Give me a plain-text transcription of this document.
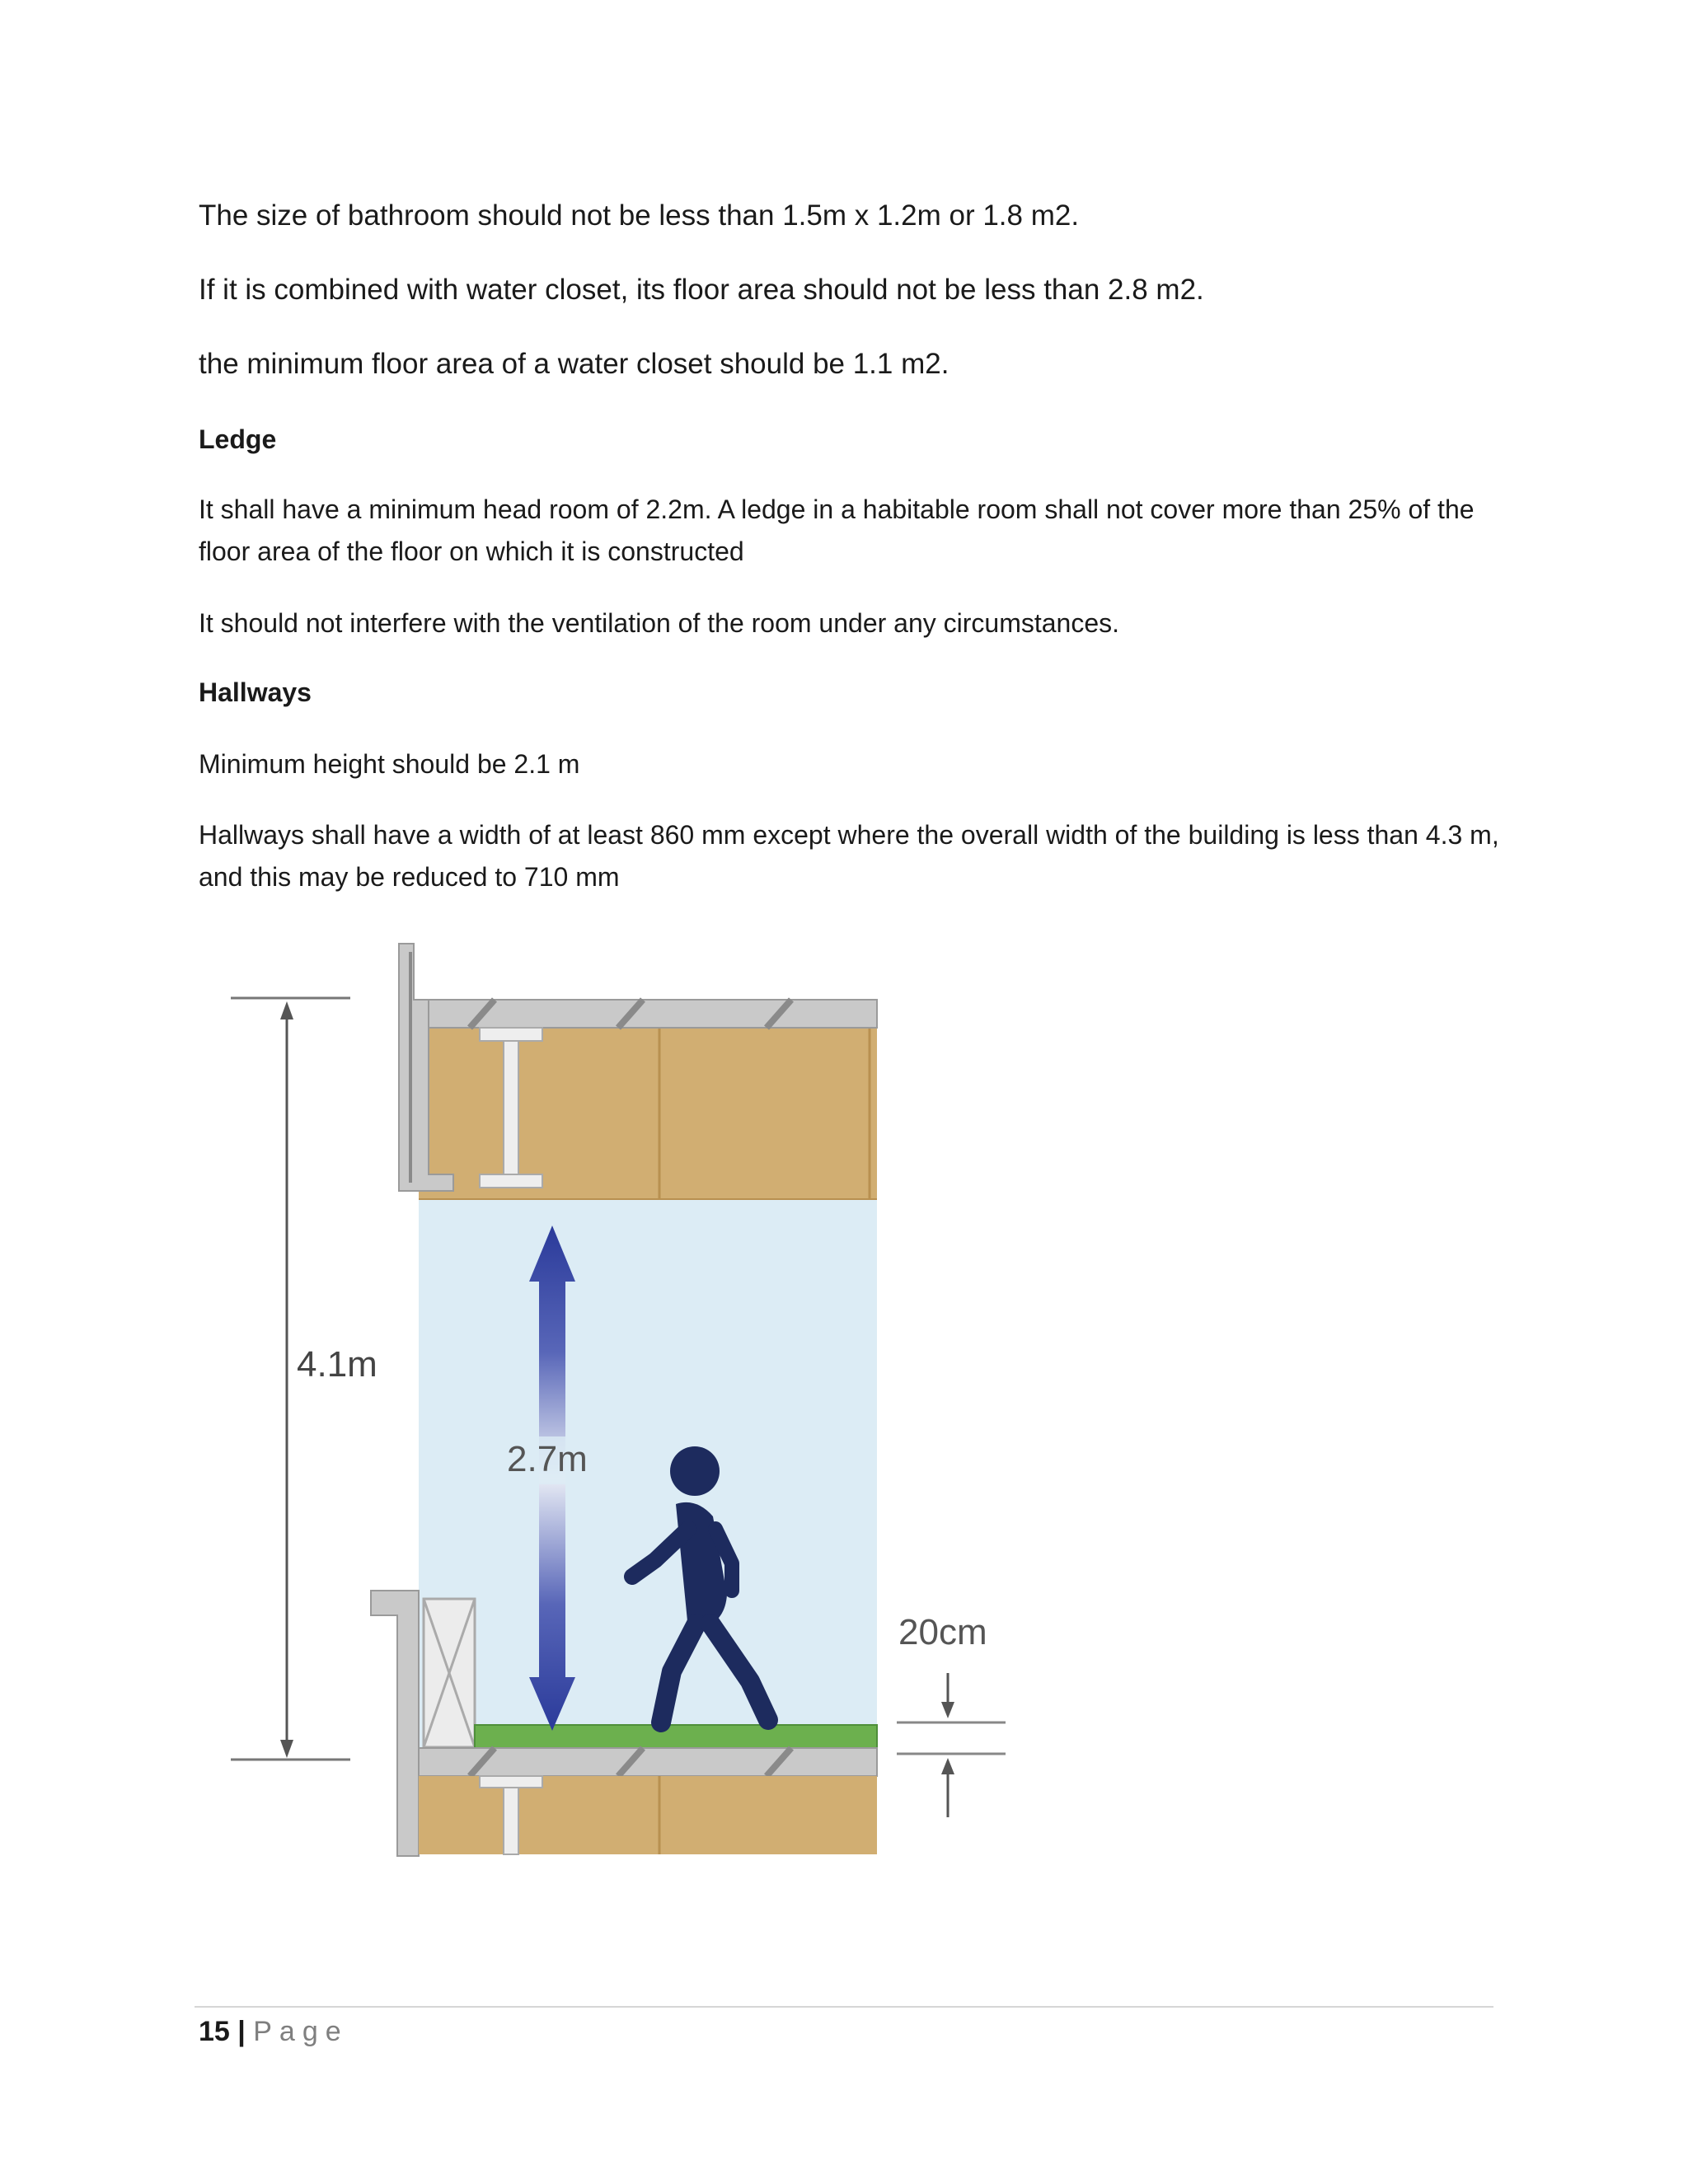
The size of bathroom should not be less than 1.5m x 1.2m or 1.8 m2.

If it is combined with water closet, its floor area should not be less than 2.8 m2.

the minimum floor area of a water closet should be 1.1 m2.

Ledge

It shall have a minimum head room of 2.2m. A ledge in a habitable room shall not cover more than 25% of the floor area of the floor on which it is constructed

It should not interfere with the ventilation of the room under any circumstances.

Hallways

Minimum height should be 2.1 m

Hallways shall have a width of at least 860 mm except where the overall width of the building is less than 4.3 m, and this may be reduced to 710 mm

4.1m
2.7m
20cm
15 | Page
